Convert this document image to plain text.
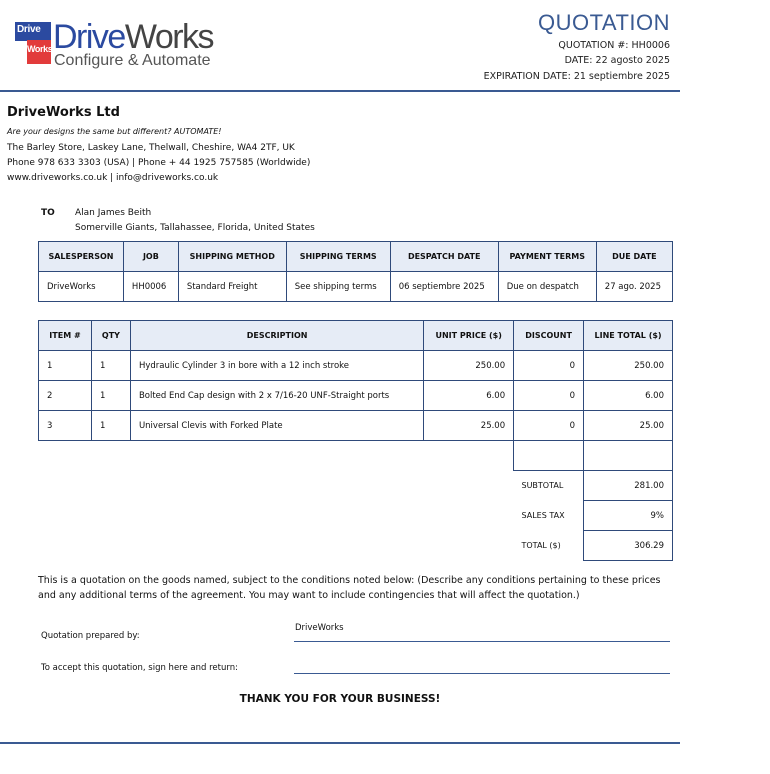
Drive
Works DriveWorks
Configure & Automate
QUOTATION
QUOTATION #: HH0006
DATE: 22 agosto 2025
EXPIRATION DATE: 21 septiembre 2025
DriveWorks Ltd
Are your designs the same but different? AUTOMATE!
The Barley Store, Laskey Lane, Thelwall, Cheshire, WA4 2TF, UK
Phone 978 633 3303 (USA) | Phone + 44 1925 757585 (Worldwide)
www.driveworks.co.uk | info@driveworks.co.uk
TO Alan James Beith
Somerville Giants, Tallahassee, Florida, United States
SALESPERSON	JOB	SHIPPING METHOD	SHIPPING TERMS	DESPATCH DATE	PAYMENT TERMS	DUE DATE
DriveWorks	HH0006	Standard Freight	See shipping terms	06 septiembre 2025	Due on despatch	27 ago. 2025
ITEM #	QTY	DESCRIPTION	UNIT PRICE ($)	DISCOUNT	LINE TOTAL ($)
1	1	Hydraulic Cylinder 3 in bore with a 12 inch stroke	250.00	0	250.00
2	1	Bolted End Cap design with 2 x 7/16-20 UNF-Straight ports	6.00	0	6.00
3	1	Universal Clevis with Forked Plate	25.00	0	25.00

SUBTOTAL	281.00
SALES TAX	9%
TOTAL ($)	306.29
This is a quotation on the goods named, subject to the conditions noted below: (Describe any conditions pertaining to these prices and any additional terms of the agreement. You may want to include contingencies that will affect the quotation.)
Quotation prepared by:
DriveWorks
To accept this quotation, sign here and return:
THANK YOU FOR YOUR BUSINESS!
